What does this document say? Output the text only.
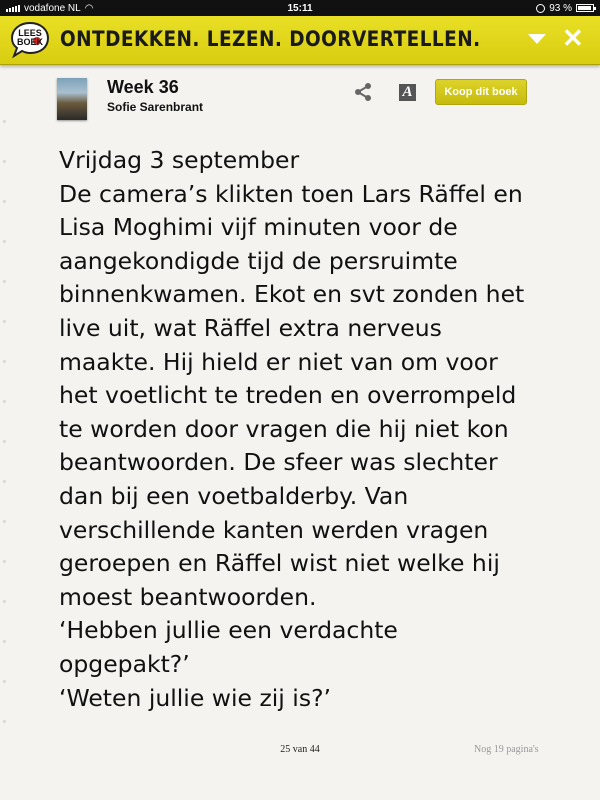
vodafone NL ◠	15:11	93 %
LEES BOEK ONTDEKKEN. LEZEN. DOORVERTELLEN.	✕
Week 36
Sofie Sarenbrant
A	Koop dit boek

Vrijdag 3 september

De camera’s klikten toen Lars Räffel en

Lisa Moghimi vijf minuten voor de

aangekondigde tijd de persruimte

binnenkwamen. Ekot en svt zonden het

live uit, wat Räffel extra nerveus

maakte. Hij hield er niet van om voor

het voetlicht te treden en overrompeld

te worden door vragen die hij niet kon

beantwoorden. De sfeer was slechter

dan bij een voetbalderby. Van

verschillende kanten werden vragen

geroepen en Räffel wist niet welke hij

moest beantwoorden.

‘Hebben jullie een verdachte

opgepakt?’

‘Weten jullie wie zij is?’

25 van 44	Nog 19 pagina's
